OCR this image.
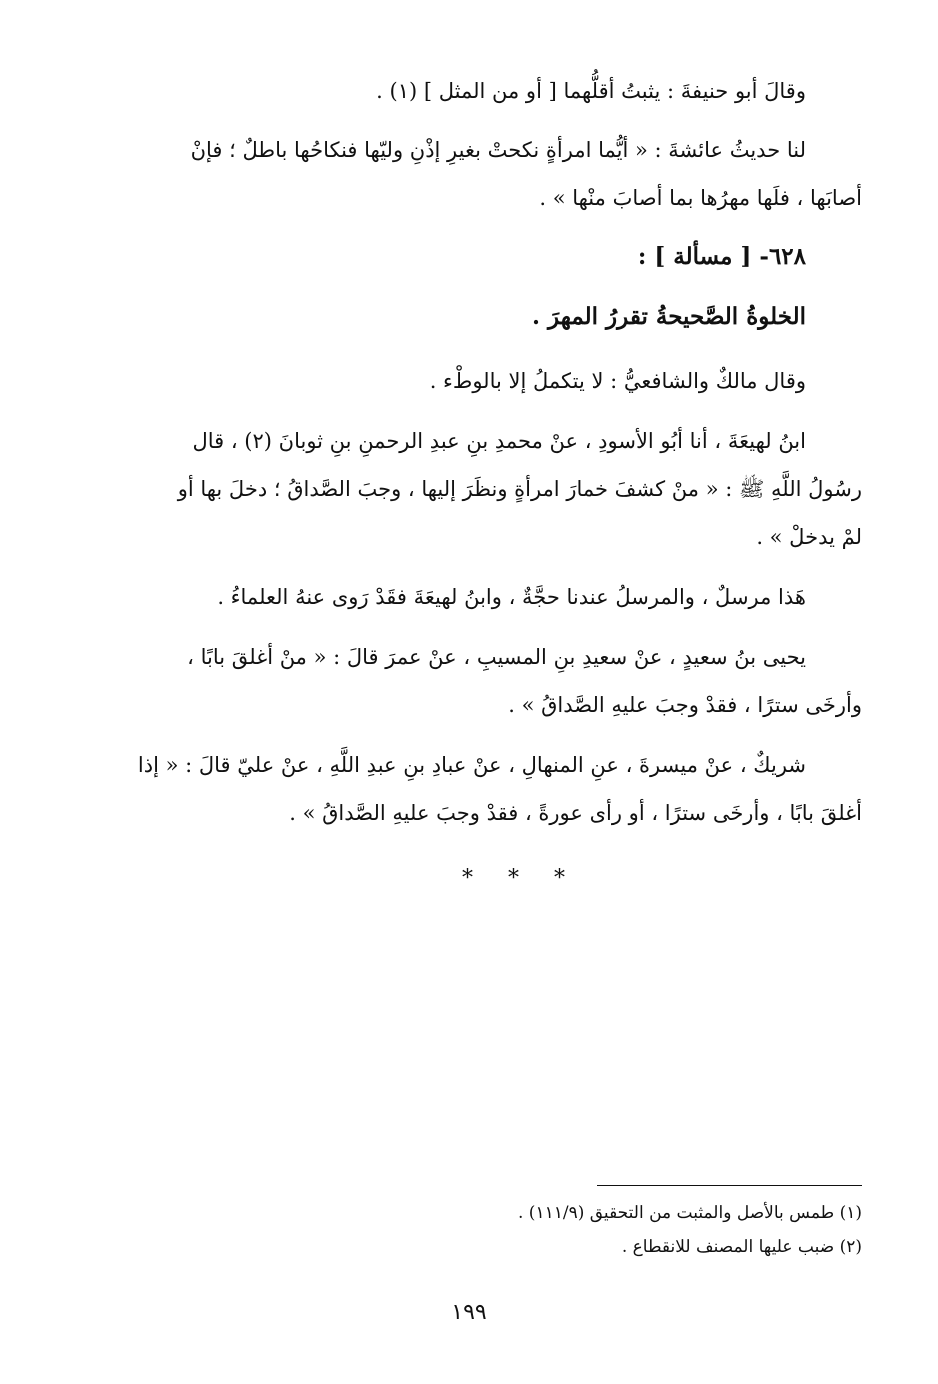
وقالَ أبو حنيفةَ : يثبتُ أقلُّهما [ أو من المثل ] (١) .
لنا حديثُ عائشةَ : « أيُّما امرأةٍ نكحتْ بغيرِ إذْنِ وليّها فنكاحُها باطلٌ ؛ فإنْ
أصابَها ، فلَها مهرُها بما أصابَ منْها » .
٦٢٨- [ مسألة ] :
الخلوةُ الصَّحيحةُ تقررُ المهرَ .
وقال مالكٌ والشافعيُّ : لا يتكملُ إلا بالوطْء .
ابنُ لهيعَةَ ، أنا أبُو الأسودِ ، عنْ محمدِ بنِ عبدِ الرحمنِ بنِ ثوبانَ (٢) ، قال
رسُولُ اللَّهِ ﷺ : « منْ كشفَ خمارَ امرأةٍ ونظَرَ إليها ، وجبَ الصَّداقُ ؛ دخلَ بها أو
لمْ يدخلْ » .
هَذا مرسلٌ ، والمرسلُ عندنا حجَّةٌ ، وابنُ لهيعَةَ فقَدْ رَوى عنهُ العلماءُ .
يحيى بنُ سعيدٍ ، عنْ سعيدِ بنِ المسيبِ ، عنْ عمرَ قالَ : « منْ أغلقَ بابًا ،
وأرخَى سترًا ، فقدْ وجبَ عليهِ الصَّداقُ » .
شريكٌ ، عنْ ميسرةَ ، عنِ المنهالِ ، عنْ عبادِ بنِ عبدِ اللَّهِ ، عنْ عليّ قالَ : « إذا
أغلقَ بابًا ، وأرخَى سترًا ، أو رأى عورةً ، فقدْ وجبَ عليهِ الصَّداقُ » .
* * *
(١) طمس بالأصل والمثبت من التحقيق (١١١/٩) .
(٢) ضبب عليها المصنف للانقطاع .
١٩٩
